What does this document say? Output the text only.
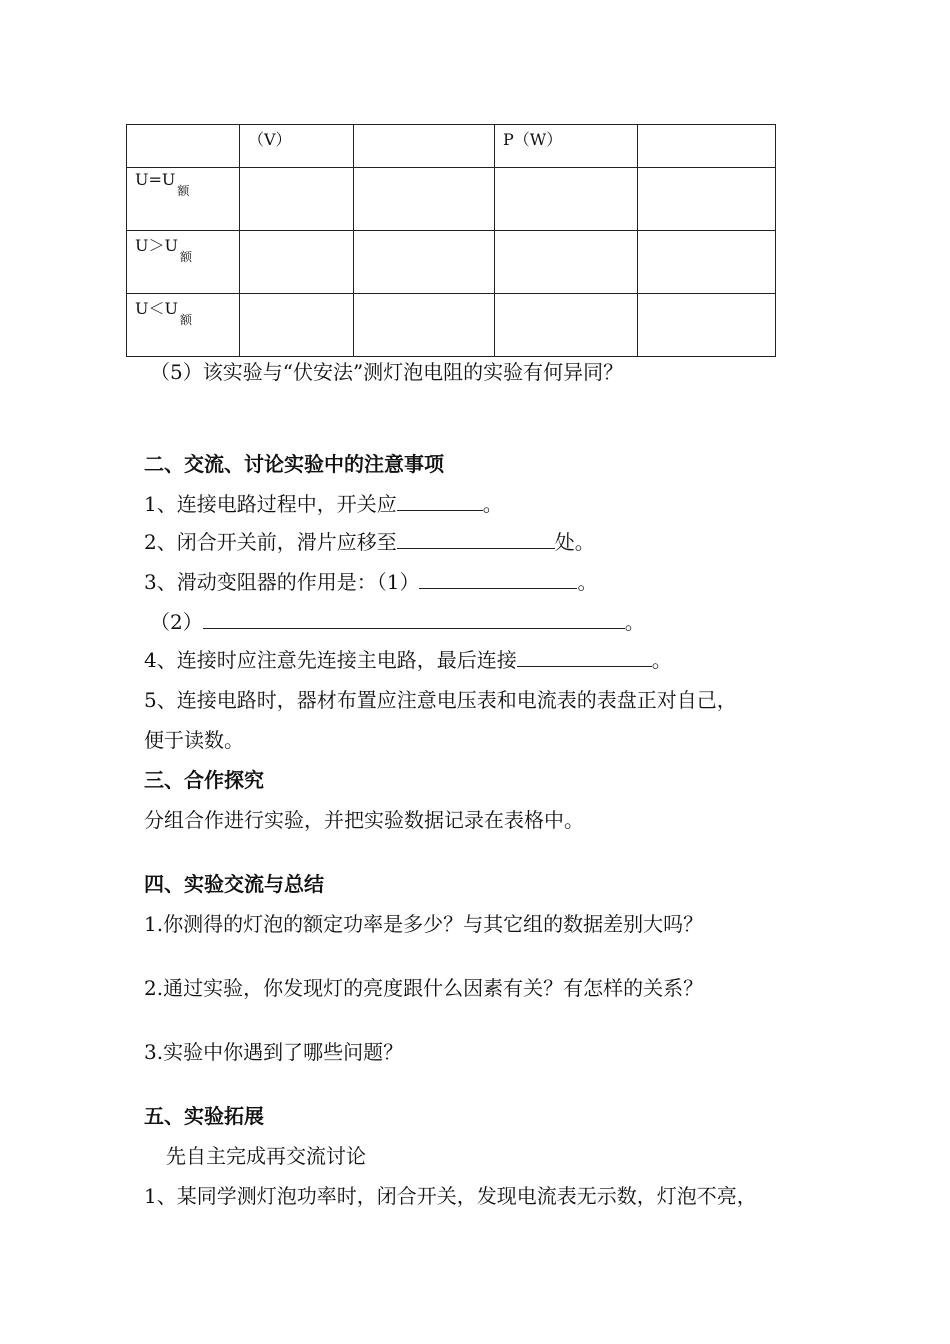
	（V）		P（W）	
$U=U_额$				
$U>U_额$				
$U<U_额$				
（5）该实验与“伏安法”测灯泡电阻的实验有何异同？
二、交流、讨论实验中的注意事项
1、连接电路过程中，开关应	。
2、闭合开关前，滑片应移至	处。
3、滑动变阻器的作用是：（1）	。
（2）	。
4、连接时应注意先连接主电路，最后连接	。
5、连接电路时，器材布置应注意电压表和电流表的表盘正对自己，
便于读数。
三、合作探究
分组合作进行实验，并把实验数据记录在表格中。
四、实验交流与总结
1.你测得的灯泡的额定功率是多少？与其它组的数据差别大吗？
2.通过实验，你发现灯的亮度跟什么因素有关？有怎样的关系？
3.实验中你遇到了哪些问题？
五、实验拓展
先自主完成再交流讨论
1、某同学测灯泡功率时，闭合开关，发现电流表无示数，灯泡不亮，
